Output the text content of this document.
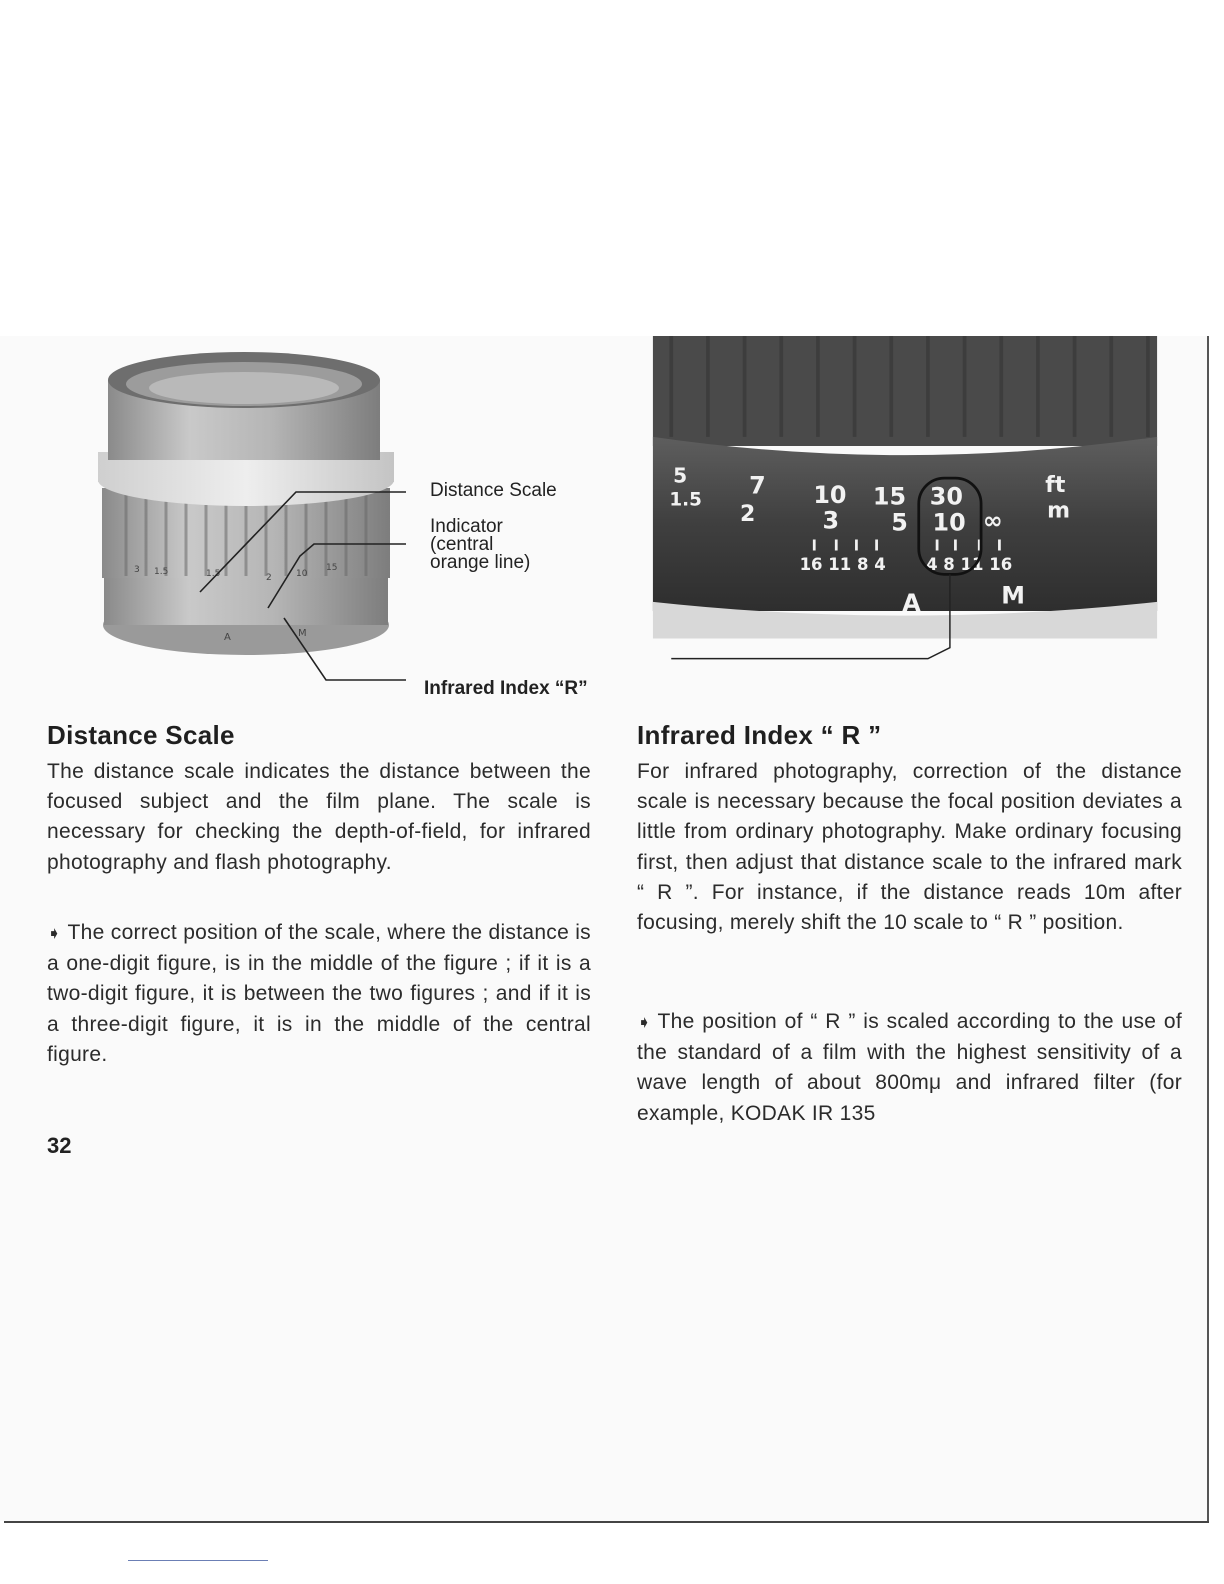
3 1.5	1.5	2	10
15
A	M
5 7 10 15 30	ft
1.5
2	3 5 10 ∞ m
16 11 8 4 4 8 11 16
A	M
Distance Scale
Indicator
(central
orange line)
Infrared Index “R”
Distance Scale

The distance scale indicates the distance between the focused subject and the film plane. The scale is necessary for checking the depth-of-field, for infrared photography and flash photography.

➧ The correct position of the scale, where the distance is a one-digit figure, is in the middle of the figure ; if it is a two-digit figure, it is between the two figures ; and if it is a three-digit figure, it is in the middle of the central figure.

Infrared Index “ R ”

For infrared photography, correction of the distance scale is necessary because the focal position deviates a little from ordinary photography. Make ordinary focusing first, then adjust that distance scale to the infrared mark “ R ”. For instance, if the distance reads 10m after focusing, merely shift the 10 scale to “ R ” position.

➧ The position of “ R ” is scaled according to the use of the standard of a film with the highest sensitivity of a wave length of about 800mμ and infrared filter (for example, KODAK IR 135

32
